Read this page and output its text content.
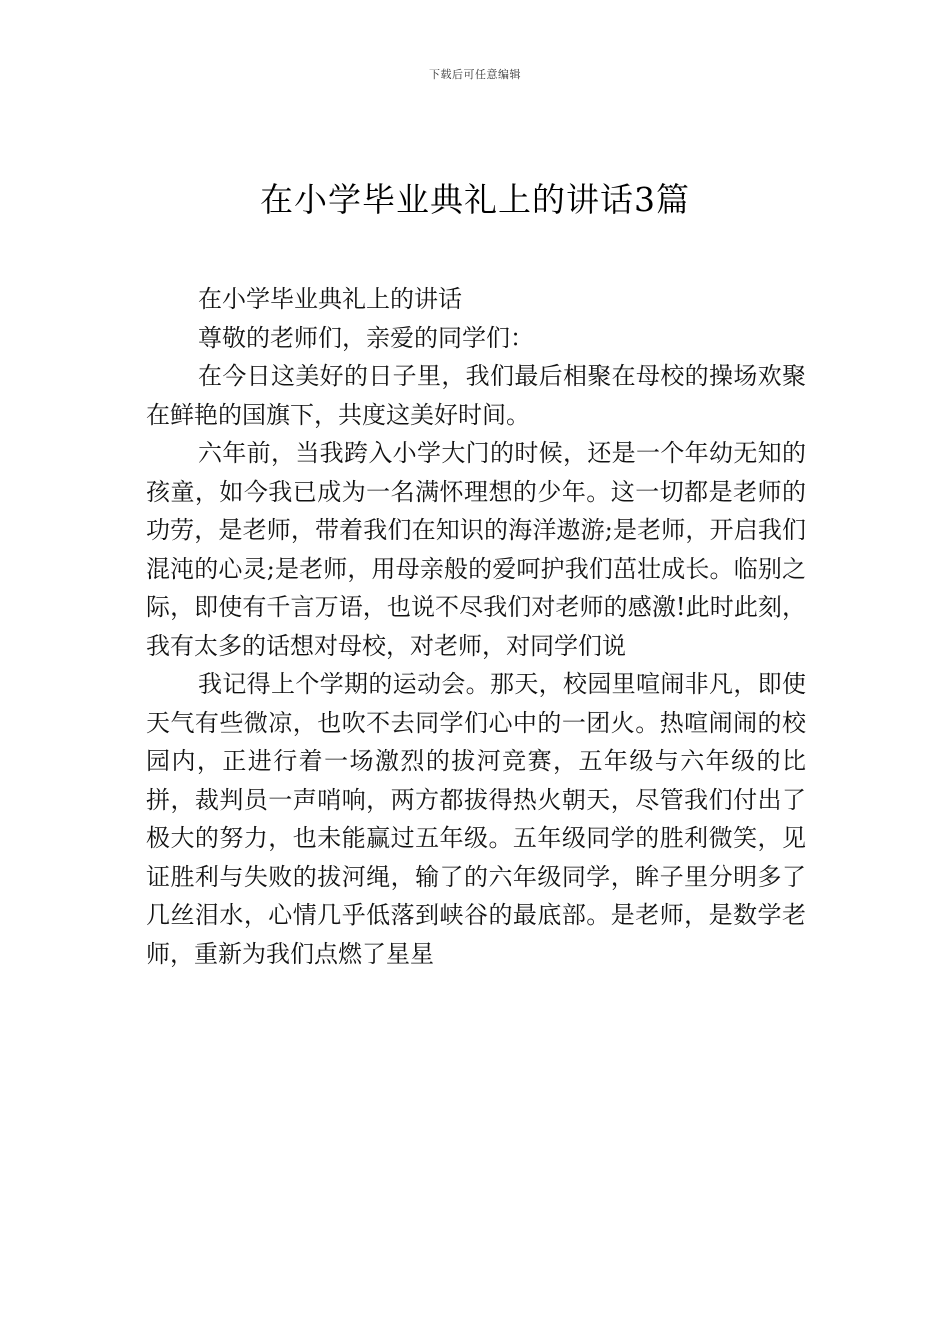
下载后可任意编辑
在小学毕业典礼上的讲话3篇

在小学毕业典礼上的讲话

尊敬的老师们，亲爱的同学们：

在今日这美好的日子里，我们最后相聚在母校的操场欢聚在鲜艳的国旗下，共度这美好时间。

六年前，当我跨入小学大门的时候，还是一个年幼无知的孩童，如今我已成为一名满怀理想的少年。这一切都是老师的功劳，是老师，带着我们在知识的海洋遨游;是老师，开启我们混沌的心灵;是老师，用母亲般的爱呵护我们茁壮成长。临别之际，即使有千言万语，也说不尽我们对老师的感激!此时此刻，我有太多的话想对母校，对老师，对同学们说

我记得上个学期的运动会。那天，校园里喧闹非凡，即使天气有些微凉，也吹不去同学们心中的一团火。热喧闹闹的校园内，正进行着一场激烈的拔河竞赛，五年级与六年级的比拼，裁判员一声哨响，两方都拔得热火朝天，尽管我们付出了极大的努力，也未能赢过五年级。五年级同学的胜利微笑，见证胜利与失败的拔河绳，输了的六年级同学，眸子里分明多了几丝泪水，心情几乎低落到峡谷的最底部。是老师，是数学老师，重新为我们点燃了星星
